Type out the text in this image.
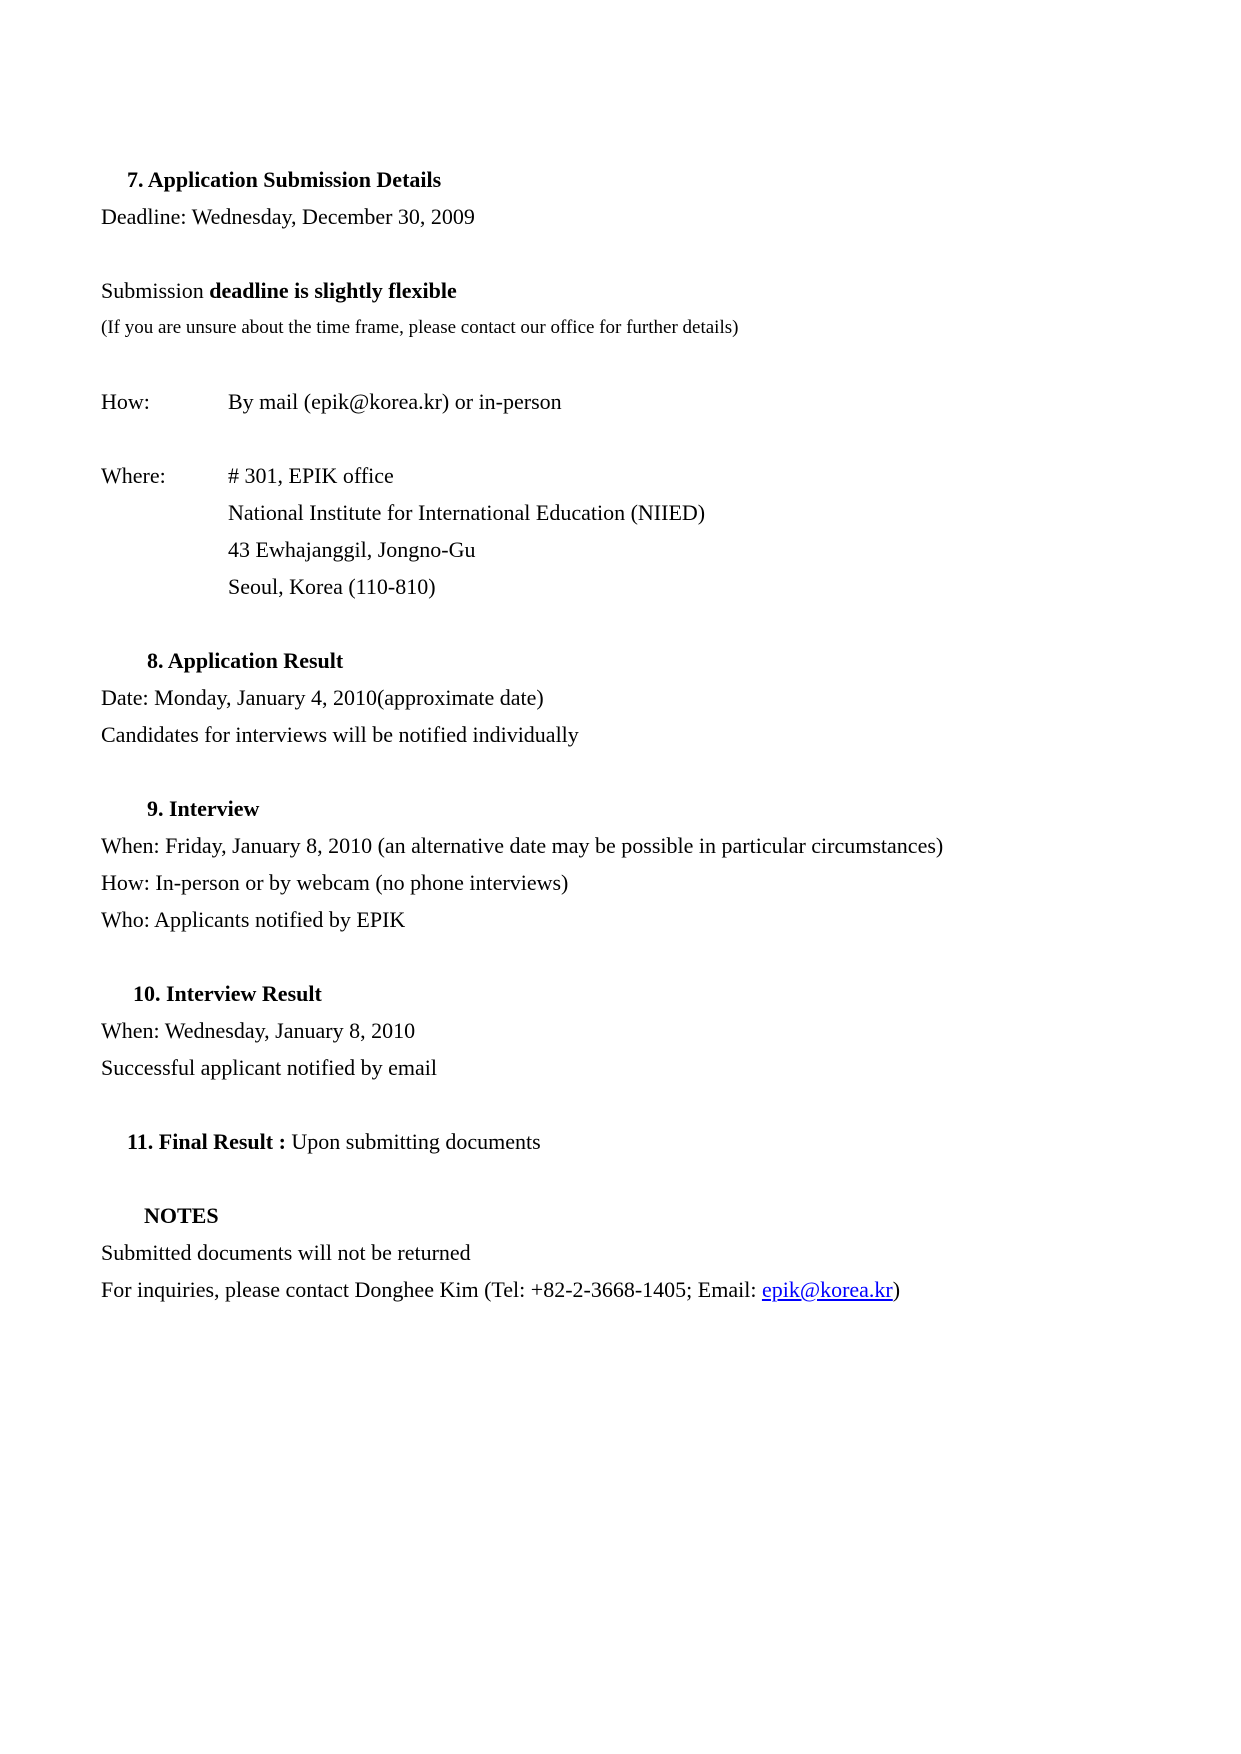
7. Application Submission Details

Deadline: Wednesday, December 30, 2009

Submission deadline is slightly flexible

(If you are unsure about the time frame, please contact our office for further details)

How:	By mail (epik@korea.kr) or in-person

Where:	# 301, EPIK office

National Institute for International Education (NIIED)

43 Ewhajanggil, Jongno-Gu

Seoul, Korea (110-810)

8. Application Result

Date: Monday, January 4, 2010(approximate date)

Candidates for interviews will be notified individually

9. Interview

When: Friday, January 8, 2010 (an alternative date may be possible in particular circumstances)

How: In-person or by webcam (no phone interviews)

Who: Applicants notified by EPIK

10. Interview Result

When: Wednesday, January 8, 2010

Successful applicant notified by email

11. Final Result : Upon submitting documents

NOTES

Submitted documents will not be returned

For inquiries, please contact Donghee Kim (Tel: +82-2-3668-1405; Email: epik@korea.kr)
